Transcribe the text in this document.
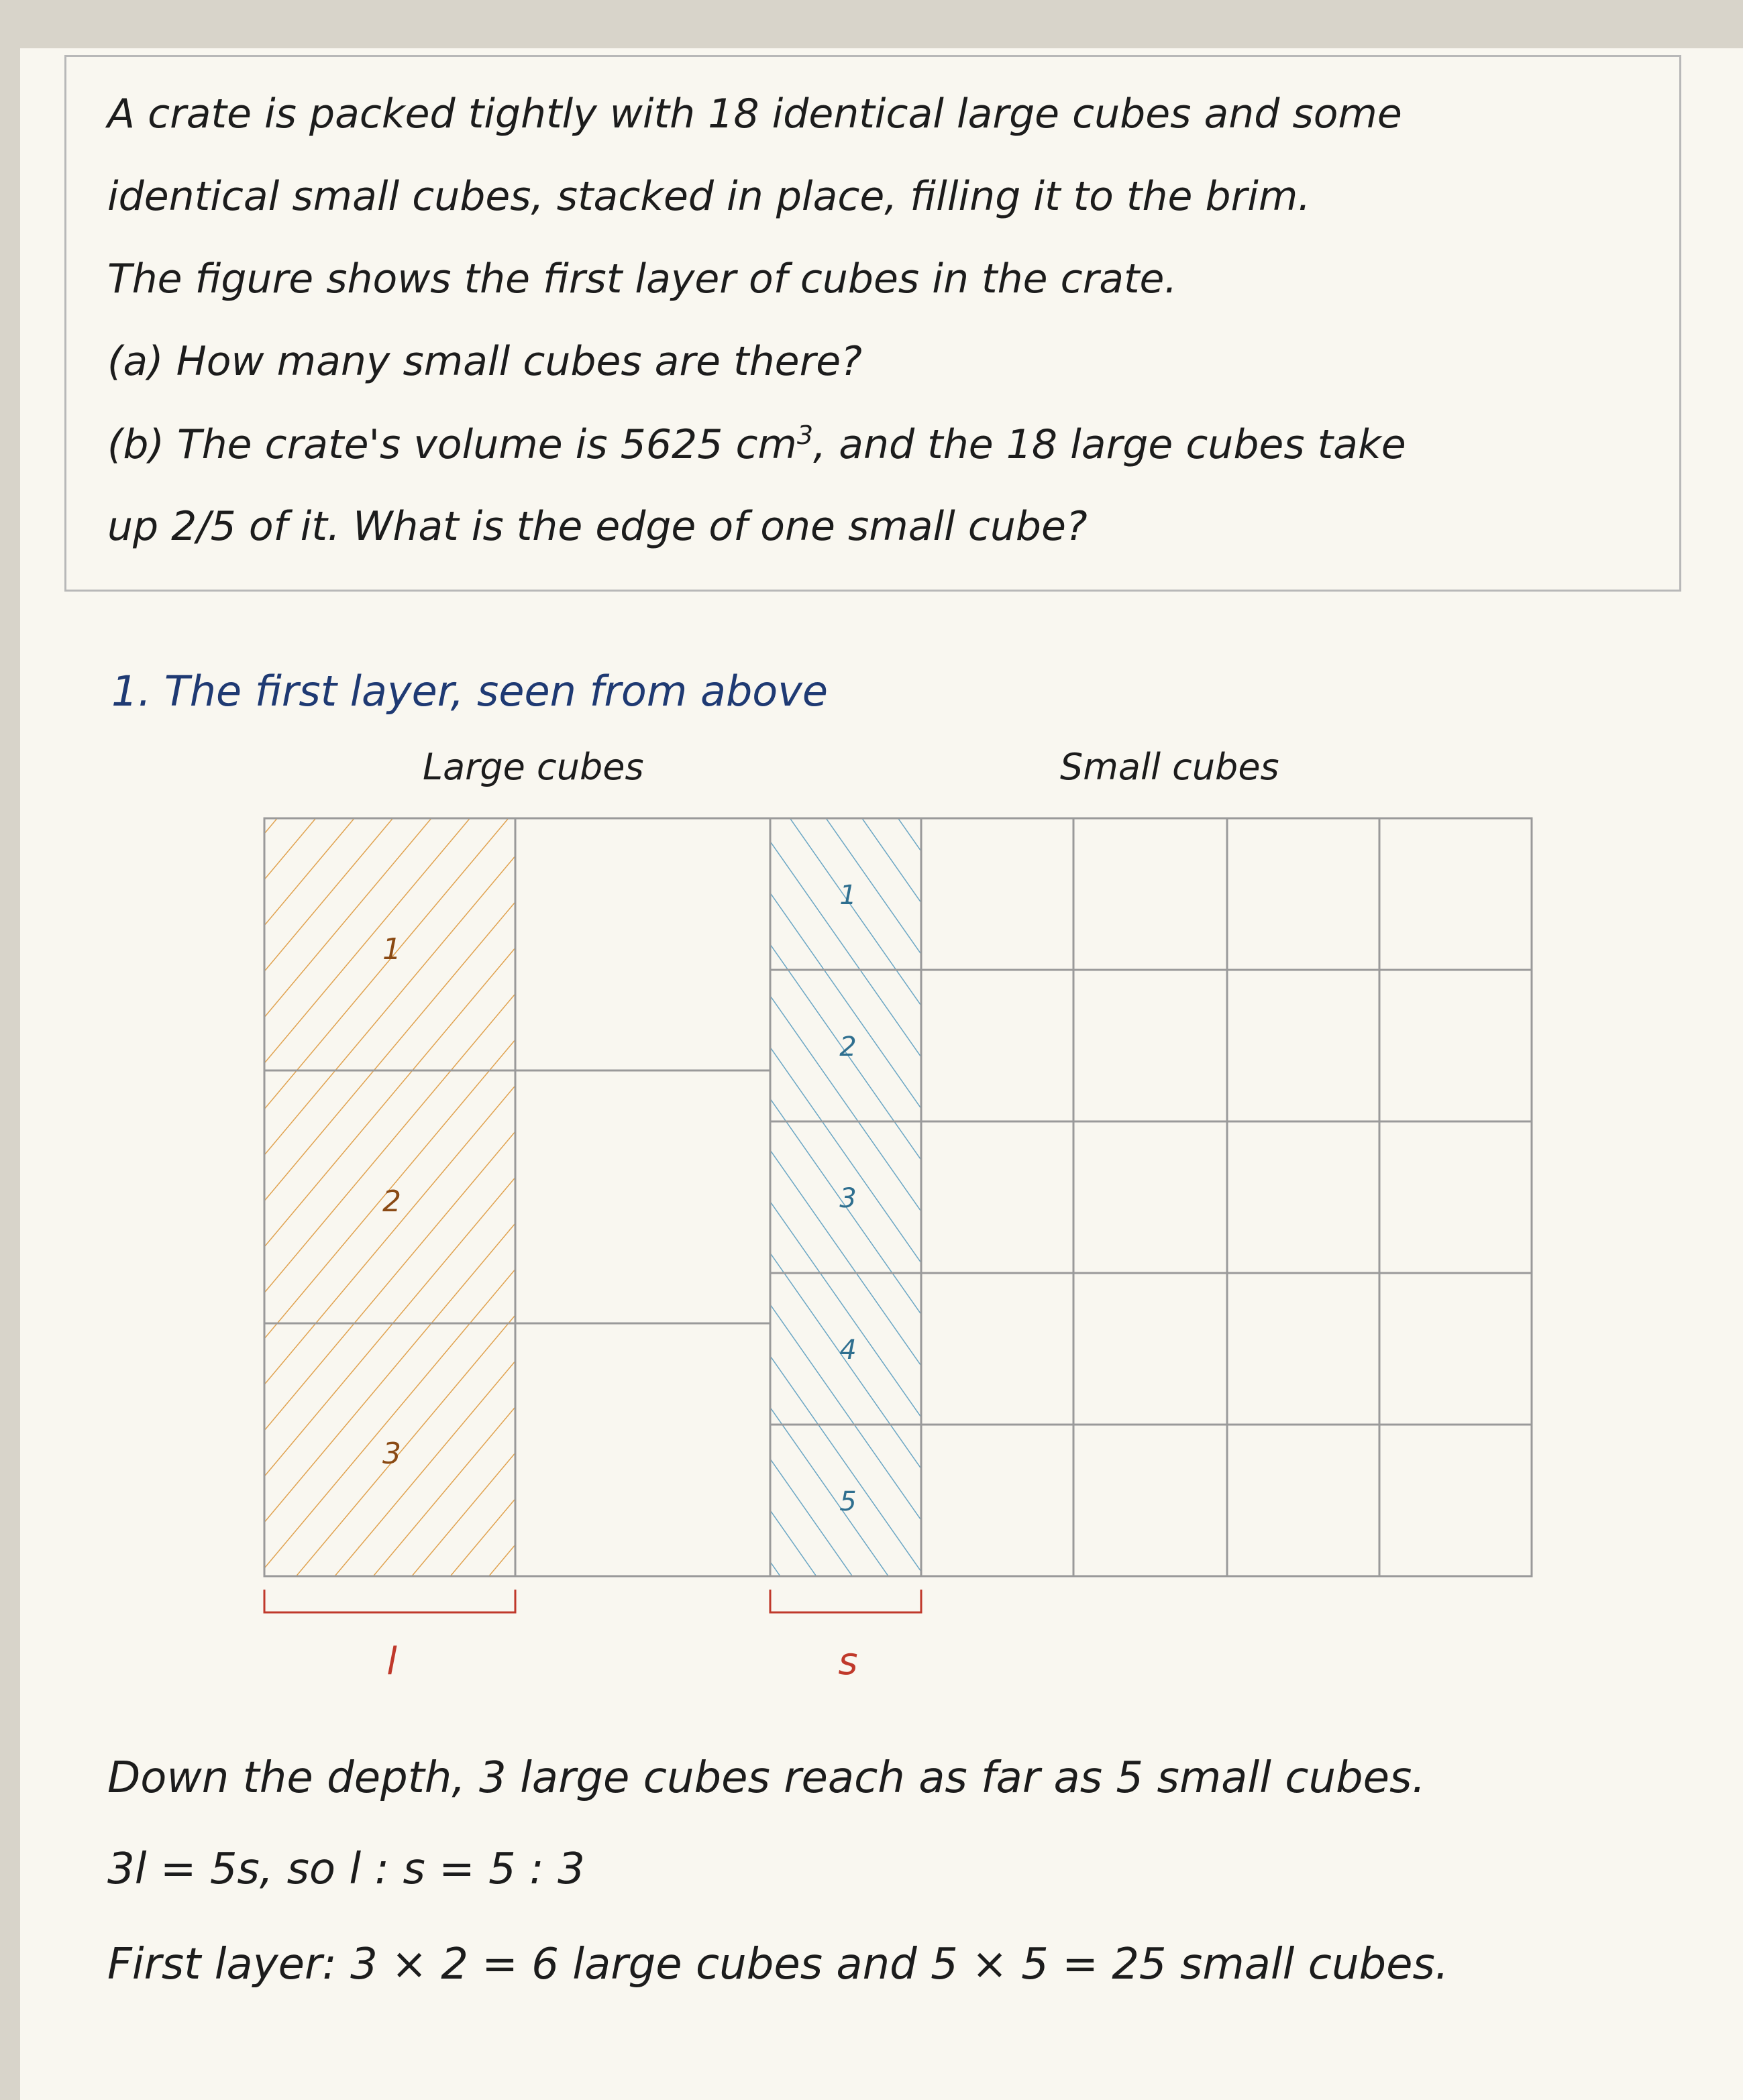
A crate is packed tightly with 18 identical large cubes and some
identical small cubes, stacked in place, filling it to the brim.
The figure shows the first layer of cubes in the crate.
(a) How many small cubes are there?
(b) The crate's volume is 5625 $cm^3$, and the 18 large cubes take
up 2/5 of it. What is the edge of one small cube?
1. The first layer, seen from above
Large cubes	Small cubes
1
2
3
1
2
3
4
5
l	s
Down the depth, 3 large cubes reach as far as 5 small cubes.
3l = 5s, so l : s = 5 : 3
First layer: 3 × 2 = 6 large cubes and 5 × 5 = 25 small cubes.
